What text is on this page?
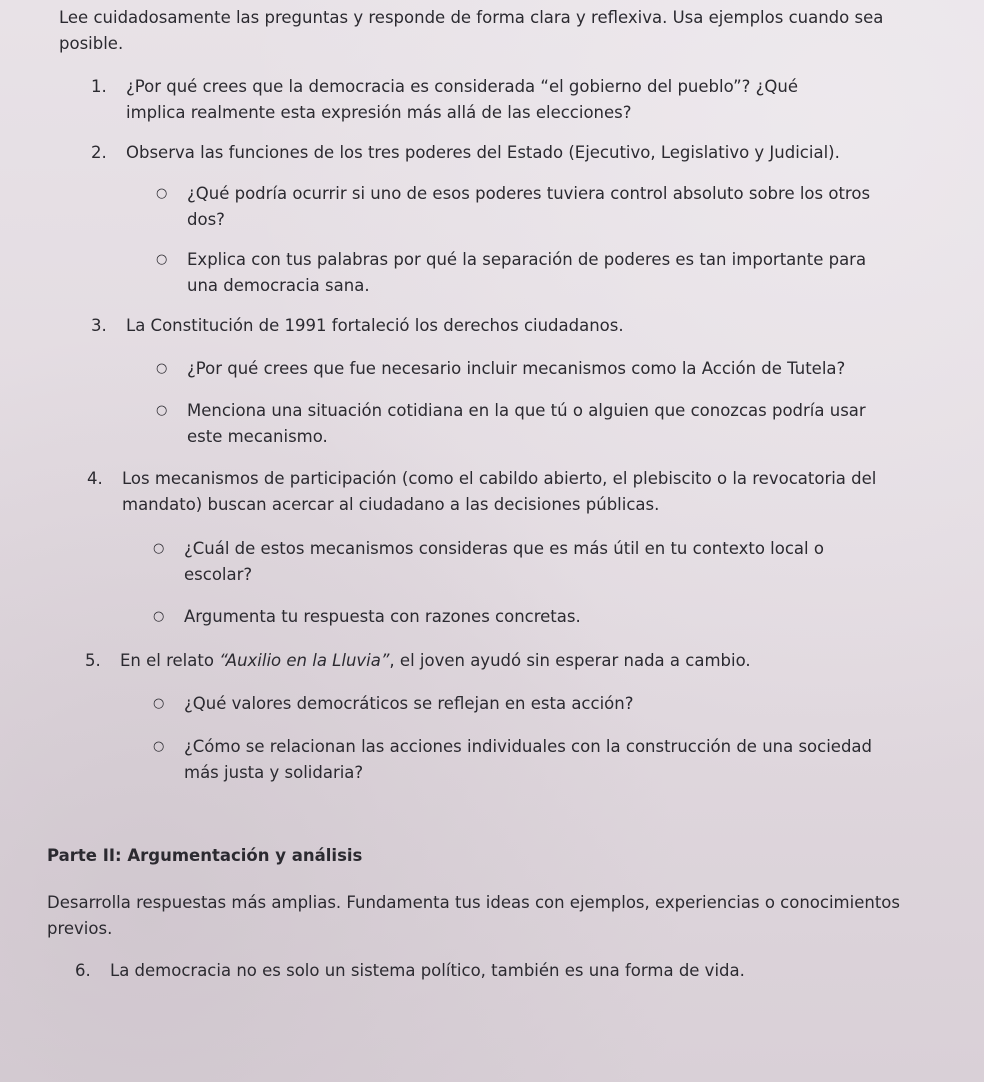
Lee cuidadosamente las preguntas y responde de forma clara y reflexiva. Usa ejemplos cuando sea posible.

1. ¿Por qué crees que la democracia es considerada “el gobierno del pueblo”? ¿Qué implica realmente esta expresión más allá de las elecciones?
2. Observa las funciones de los tres poderes del Estado (Ejecutivo, Legislativo y Judicial).
○ ¿Qué podría ocurrir si uno de esos poderes tuviera control absoluto sobre los otros dos?
○ Explica con tus palabras por qué la separación de poderes es tan importante para una democracia sana.
3. La Constitución de 1991 fortaleció los derechos ciudadanos.
○ ¿Por qué crees que fue necesario incluir mecanismos como la Acción de Tutela?
○ Menciona una situación cotidiana en la que tú o alguien que conozcas podría usar este mecanismo.
4. Los mecanismos de participación (como el cabildo abierto, el plebiscito o la revocatoria del mandato) buscan acercar al ciudadano a las decisiones públicas.
○ ¿Cuál de estos mecanismos consideras que es más útil en tu contexto local o escolar?
○ Argumenta tu respuesta con razones concretas.
5. En el relato “Auxilio en la Lluvia”, el joven ayudó sin esperar nada a cambio.
○ ¿Qué valores democráticos se reflejan en esta acción?
○ ¿Cómo se relacionan las acciones individuales con la construcción de una sociedad más justa y solidaria?

Parte II: Argumentación y análisis

Desarrolla respuestas más amplias. Fundamenta tus ideas con ejemplos, experiencias o conocimientos previos.

6. La democracia no es solo un sistema político, también es una forma de vida.
